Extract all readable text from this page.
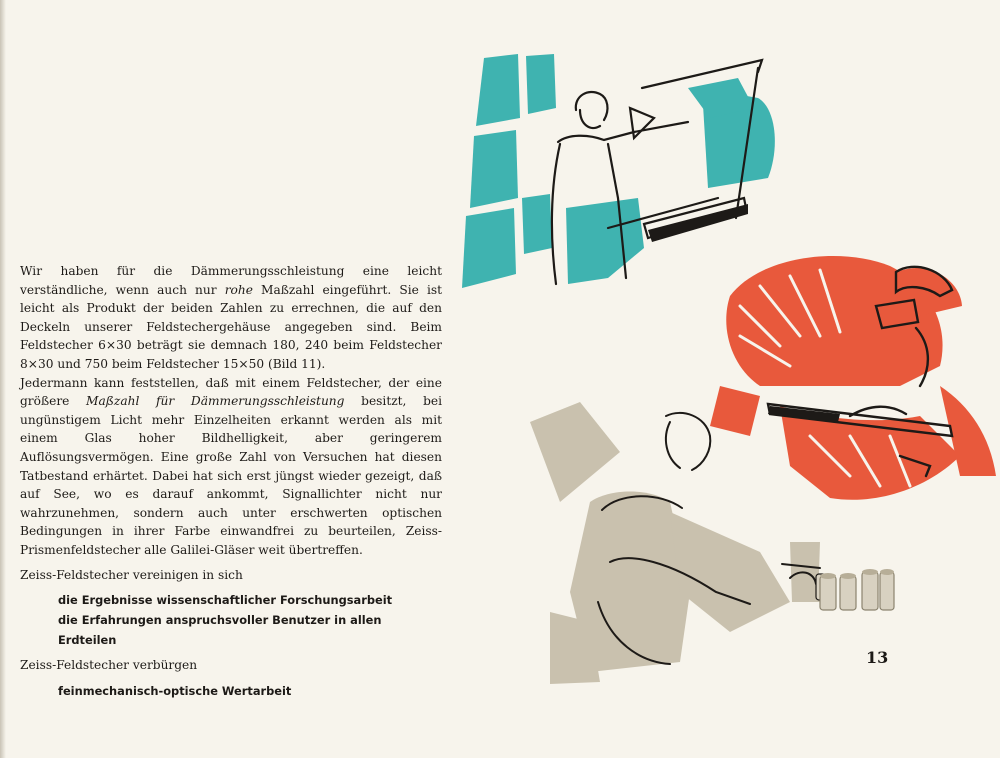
Wir haben für die Dämmerungsschleistung eine leicht verständliche, wenn auch nur rohe Maßzahl eingeführt. Sie ist leicht als Produkt der beiden Zahlen zu errechnen, die auf den Deckeln unserer Feldstechergehäuse angegeben sind. Beim Feldstecher 6×30 beträgt sie demnach 180, 240 beim Feldstecher 8×30 und 750 beim Feldstecher 15×50 (Bild 11).

Jedermann kann feststellen, daß mit einem Feldstecher, der eine größere Maßzahl für Dämmerungsschleistung besitzt, bei ungünstigem Licht mehr Einzelheiten erkannt werden als mit einem Glas hoher Bildhelligkeit, aber geringerem Auflösungsvermögen. Eine große Zahl von Versuchen hat diesen Tatbestand erhärtet. Dabei hat sich erst jüngst wieder gezeigt, daß auf See, wo es darauf ankommt, Signallichter nicht nur wahrzunehmen, sondern auch unter erschwerten optischen Bedingungen in ihrer Farbe einwandfrei zu beurteilen, Zeiss-Prismenfeldstecher alle Galilei-Gläser weit übertreffen.

Zeiss-Feldstecher vereinigen in sich

die Ergebnisse wissenschaftlicher Forschungsarbeit
die Erfahrungen anspruchsvoller Benutzer in allen Erdteilen

Zeiss-Feldstecher verbürgen

feinmechanisch-optische Wertarbeit
13
